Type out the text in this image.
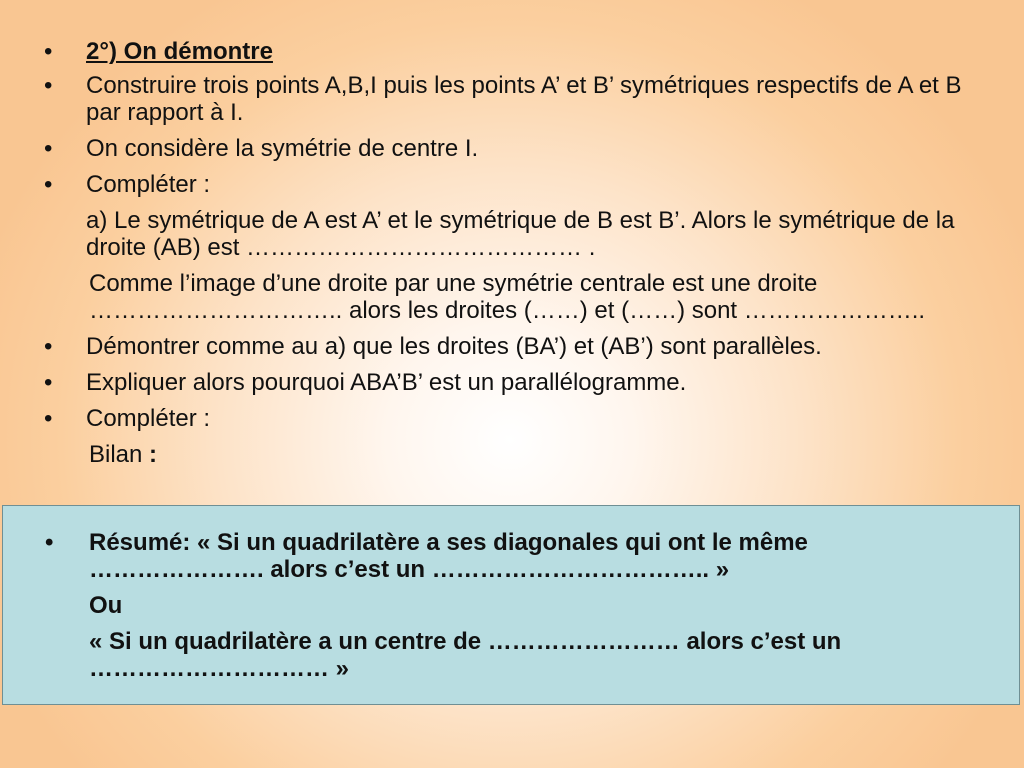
• 2°) On démontre

• Construire trois points A,B,I puis les points A’ et B’ symétriques respectifs de A et B par rapport à I.

• On considère la symétrie de centre I.

• Compléter :

a) Le symétrique de A est A’ et le symétrique de B est B’. Alors le symétrique de la droite (AB) est …………………………………… .

Comme l’image d’une droite par une symétrie centrale est une droite ………………………….. alors les droites (……) et (……) sont …………………..

• Démontrer comme au a) que les droites (BA’) et (AB’) sont parallèles.

• Expliquer alors pourquoi ABA’B’ est un parallélogramme.

• Compléter :

Bilan :

• Résumé: « Si un quadrilatère a ses diagonales qui ont le même …………………. alors c’est un …………………………….. »

Ou

« Si un quadrilatère a un centre de …………………… alors c’est un ………………………… »
